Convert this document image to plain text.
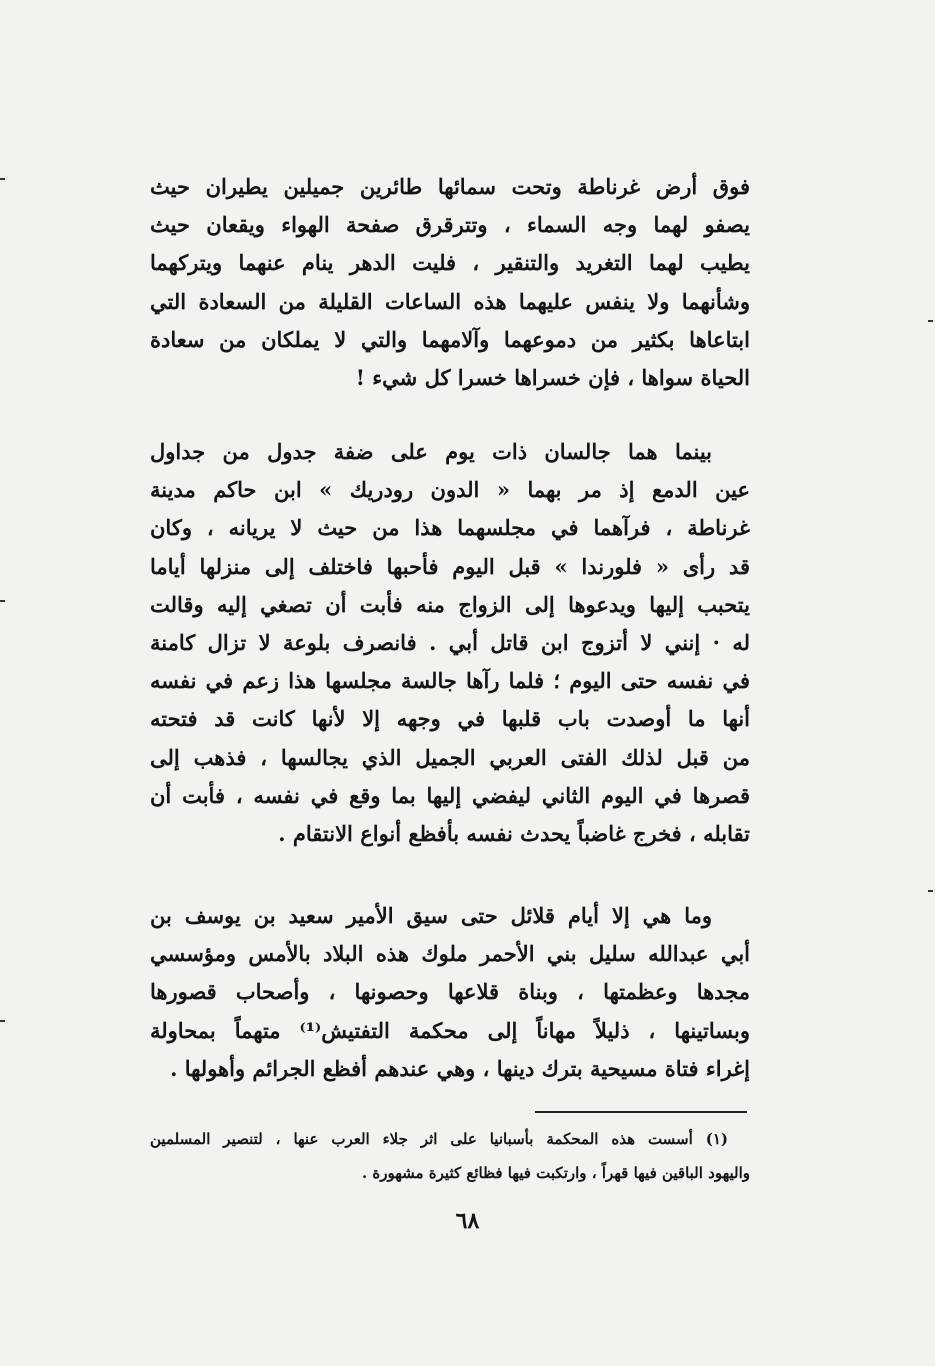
فوق أرض غرناطة وتحت سمائها طائرين جميلين يطيران حيث
يصفو لهما وجه السماء ، وتترقرق صفحة الهواء ويقعان حيث
يطيب لهما التغريد والتنقير ، فليت الدهر ينام عنهما ويتركهما
وشأنهما ولا ينفس عليهما هذه الساعات القليلة من السعادة التي
ابتاعاها بكثير من دموعهما وآلامهما والتي لا يملكان من سعادة
الحياة سواها ، فإن خسراها خسرا كل شيء !
بينما هما جالسان ذات يوم على ضفة جدول من جداول
عين الدمع إذ مر بهما « الدون رودريك » ابن حاكم مدينة
غرناطة ، فرآهما في مجلسهما هذا من حيث لا يريانه ، وكان
قد رأى « فلورندا » قبل اليوم فأحبها فاختلف إلى منزلها أياما
يتحبب إليها ويدعوها إلى الزواج منه فأبت أن تصغي إليه وقالت
له · إنني لا أتزوج ابن قاتل أبي . فانصرف بلوعة لا تزال كامنة
في نفسه حتى اليوم ؛ فلما رآها جالسة مجلسها هذا زعم في نفسه
أنها ما أوصدت باب قلبها في وجهه إلا لأنها كانت قد فتحته
من قبل لذلك الفتى العربي الجميل الذي يجالسها ، فذهب إلى
قصرها في اليوم الثاني ليفضي إليها بما وقع في نفسه ، فأبت أن
تقابله ، فخرج غاضباً يحدث نفسه بأفظع أنواع الانتقام .
وما هي إلا أيام قلائل حتى سيق الأمير سعيد بن يوسف بن
أبي عبدالله سليل بني الأحمر ملوك هذه البلاد بالأمس ومؤسسي
مجدها وعظمتها ، وبناة قلاعها وحصونها ، وأصحاب قصورها
وبساتينها ، ذليلاً مهاناً إلى محكمة التفتيش⁽¹⁾ متهماً بمحاولة
إغراء فتاة مسيحية بترك دينها ، وهي عندهم أفظع الجرائم وأهولها .
(١) أسست هذه المحكمة بأسبانيا على اثر جلاء العرب عنها ، لتنصير المسلمين
واليهود الباقين فيها قهراً ، وارتكبت فيها فظائع كثيرة مشهورة .
٦٨
